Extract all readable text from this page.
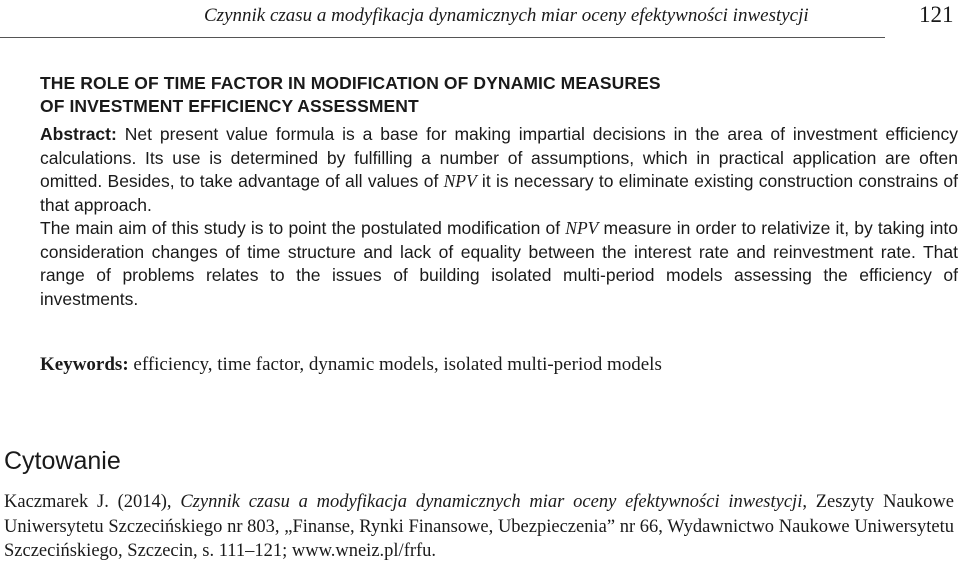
Czynnik czasu a modyfikacja dynamicznych miar oceny efektywności inwestycji	121
THE ROLE OF TIME FACTOR IN MODIFICATION OF DYNAMIC MEASURES
OF INVESTMENT EFFICIENCY ASSESSMENT

Abstract: Net present value formula is a base for making impartial decisions in the area of investment efficiency calculations. Its use is determined by fulfilling a number of assumptions, which in practical application are often omitted. Besides, to take advantage of all values of NPV it is necessary to eliminate existing construction constrains of that approach.

The main aim of this study is to point the postulated modification of NPV measure in order to relativize it, by taking into consideration changes of time structure and lack of equality between the interest rate and reinvestment rate. That range of problems relates to the issues of building isolated multi-period models assessing the efficiency of investments.

Keywords: efficiency, time factor, dynamic models, isolated multi-period models
Cytowanie

Kaczmarek J. (2014), Czynnik czasu a modyfikacja dynamicznych miar oceny efektywności inwestycji, Zeszyty Naukowe Uniwersytetu Szczecińskiego nr 803, „Finanse, Rynki Finansowe, Ubezpieczenia” nr 66, Wydawnictwo Naukowe Uniwersytetu Szczecińskiego, Szczecin, s. 111–121; www.wneiz.pl/frfu.
